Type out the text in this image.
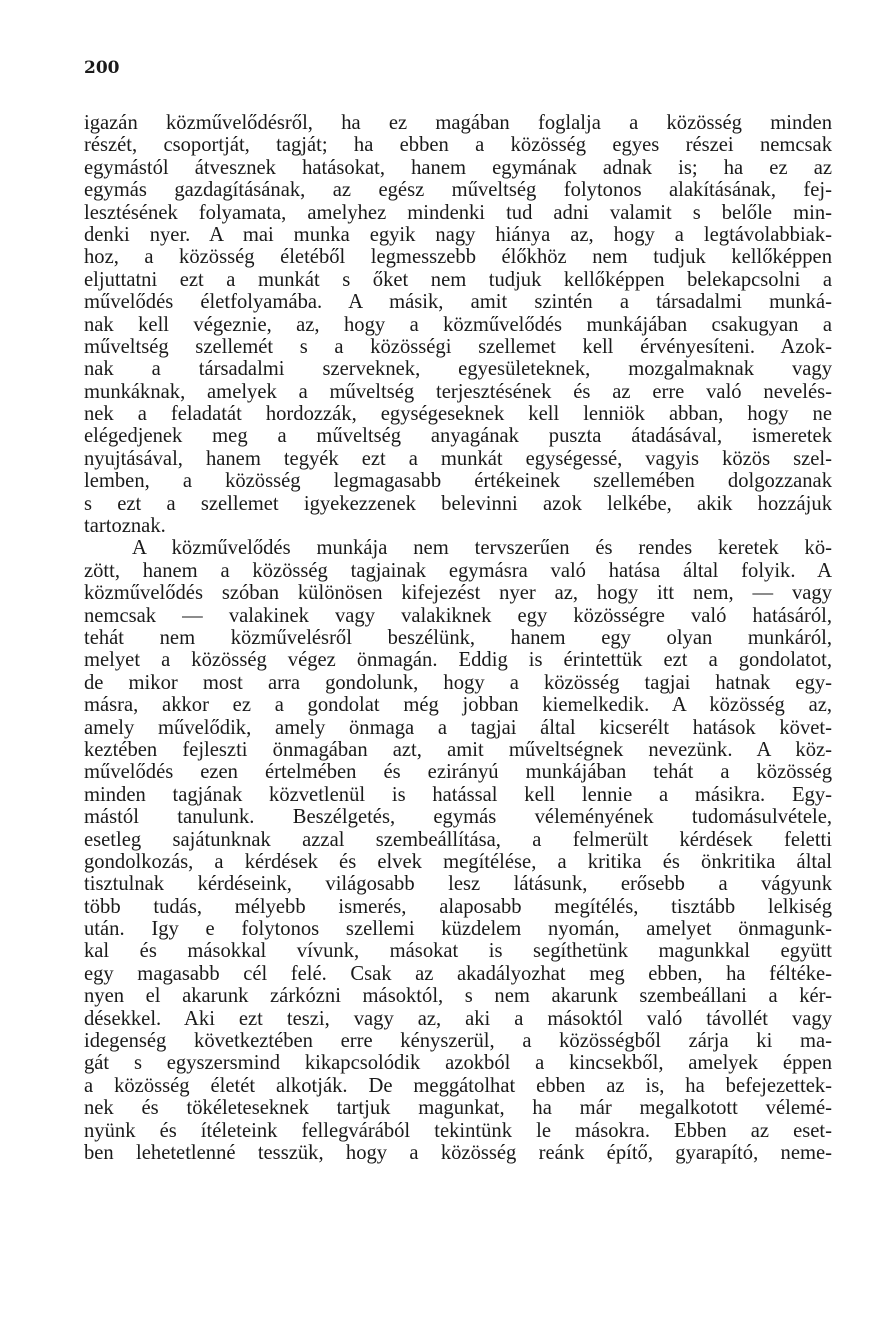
200
igazán közművelődésről, ha ez magában foglalja a közösség minden
részét, csoportját, tagját; ha ebben a közösség egyes részei nemcsak
egymástól átvesznek hatásokat, hanem egymának adnak is; ha ez az
egymás gazdagításának, az egész műveltség folytonos alakításának, fej-
lesztésének folyamata, amelyhez mindenki tud adni valamit s belőle min-
denki nyer. A mai munka egyik nagy hiánya az, hogy a legtávolabbiak-
hoz, a közösség életéből legmesszebb élőkhöz nem tudjuk kellőképpen
eljuttatni ezt a munkát s őket nem tudjuk kellőképpen belekapcsolni a
művelődés életfolyamába. A másik, amit szintén a társadalmi munká-
nak kell végeznie, az, hogy a közművelődés munkájában csakugyan a
műveltség szellemét s a közösségi szellemet kell érvényesíteni. Azok-
nak a társadalmi szerveknek, egyesületeknek, mozgalmaknak vagy
munkáknak, amelyek a műveltség terjesztésének és az erre való nevelés-
nek a feladatát hordozzák, egységeseknek kell lenniök abban, hogy ne
elégedjenek meg a műveltség anyagának puszta átadásával, ismeretek
nyujtásával, hanem tegyék ezt a munkát egységessé, vagyis közös szel-
lemben, a közösség legmagasabb értékeinek szellemében dolgozzanak
s ezt a szellemet igyekezzenek belevinni azok lelkébe, akik hozzájuk
tartoznak.
A közművelődés munkája nem tervszerűen és rendes keretek kö-
zött, hanem a közösség tagjainak egymásra való hatása által folyik. A
közművelődés szóban különösen kifejezést nyer az, hogy itt nem, — vagy
nemcsak — valakinek vagy valakiknek egy közösségre való hatásáról,
tehát nem közművelésről beszélünk, hanem egy olyan munkáról,
melyet a közösség végez önmagán. Eddig is érintettük ezt a gondolatot,
de mikor most arra gondolunk, hogy a közösség tagjai hatnak egy-
másra, akkor ez a gondolat még jobban kiemelkedik. A közösség az,
amely művelődik, amely önmaga a tagjai által kicserélt hatások követ-
keztében fejleszti önmagában azt, amit műveltségnek nevezünk. A köz-
művelődés ezen értelmében és ezirányú munkájában tehát a közösség
minden tagjának közvetlenül is hatással kell lennie a másikra. Egy-
mástól tanulunk. Beszélgetés, egymás véleményének tudomásulvétele,
esetleg sajátunknak azzal szembeállítása, a felmerült kérdések feletti
gondolkozás, a kérdések és elvek megítélése, a kritika és önkritika által
tisztulnak kérdéseink, világosabb lesz látásunk, erősebb a vágyunk
több tudás, mélyebb ismerés, alaposabb megítélés, tisztább lelkiség
után. Igy e folytonos szellemi küzdelem nyomán, amelyet önmagunk-
kal és másokkal vívunk, másokat is segíthetünk magunkkal együtt
egy magasabb cél felé. Csak az akadályozhat meg ebben, ha féltéke-
nyen el akarunk zárkózni másoktól, s nem akarunk szembeállani a kér-
désekkel. Aki ezt teszi, vagy az, aki a másoktól való távollét vagy
idegenség következtében erre kényszerül, a közösségből zárja ki ma-
gát s egyszersmind kikapcsolódik azokból a kincsekből, amelyek éppen
a közösség életét alkotják. De meggátolhat ebben az is, ha befejezettek-
nek és tökéleteseknek tartjuk magunkat, ha már megalkotott vélemé-
nyünk és ítéleteink fellegvárából tekintünk le másokra. Ebben az eset-
ben lehetetlenné tesszük, hogy a közösség reánk építő, gyarapító, neme-
